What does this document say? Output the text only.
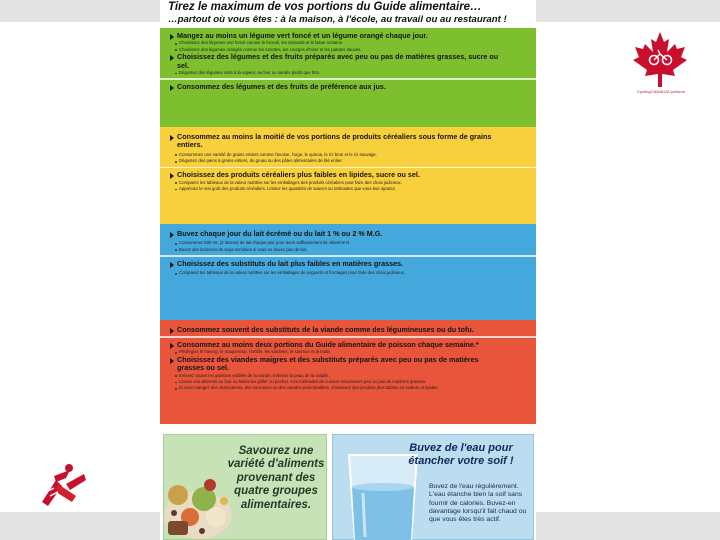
CyclingCANADACyclisme
Tirez le maximum de vos portions du Guide alimentaire…
…partout où vous êtes : à la maison, à l'école, au travail ou au restaurant !
Mangez au moins un légume vert foncé et un légume orangé chaque jour.
Choisissez des légumes vert foncé comme le brocoli, les épinards et la laitue romaine.
Choisissez des légumes orangés comme les carottes, les courges d'hiver et les patates douces.
Choisissez des légumes et des fruits préparés avec peu ou pas de matières grasses, sucre ou sel.
Dégustez des légumes cuits à la vapeur, au four ou sautés plutôt que frits.
Consommez des légumes et des fruits de préférence aux jus.
Consommez au moins la moitié de vos portions de produits céréaliers sous forme de grains entiers.
Consommez une variété de grains entiers comme l'avoine, l'orge, le quinoa, le riz brun et le riz sauvage.
Dégustez des pains à grains entiers, du gruau ou des pâtes alimentaires de blé entier.
Choisissez des produits céréaliers plus faibles en lipides, sucre ou sel.
Comparez les tableaux de la valeur nutritive sur les emballages des produits céréaliers pour faire des choix judicieux.
Appréciez le vrai goût des produits céréaliers. Limitez les quantités de sauces ou tartinades que vous leur ajoutez.
Buvez chaque jour du lait écrémé ou du lait 1 % ou 2 % M.G.
Consommez 500 mL (2 tasses) de lait chaque jour pour avoir suffisamment de vitamine D.
Buvez des boissons de soya enrichies si vous ne buvez pas de lait.
Choisissez des substituts du lait plus faibles en matières grasses.
Comparez les tableaux de la valeur nutritive sur les emballages de yogourts et fromages pour faire des choix judicieux.
Consommez souvent des substituts de la viande comme des légumineuses ou du tofu.
Consommez au moins deux portions du Guide alimentaire de poisson chaque semaine.*
Privilégiez le hareng, le maquereau, l'omble, les sardines, le saumon et la truite.
Choisissez des viandes maigres et des substituts préparés avec peu ou pas de matières grasses ou sel.
Enlevez toutes les graisses visibles de la viande. Enlevez la peau de la volaille.
Cuisez vos aliments au four ou faites-les griller ou pocher. Ces méthodes de cuisson nécessitent peu ou pas de matières grasses.
Si vous mangez des charcuteries, des saucisses ou des viandes préemballées, choisissez des produits plus faibles en sodium et lipides.
Savourez une variété d'aliments provenant des quatre groupes alimentaires.
Buvez de l'eau pour étancher votre soif !
Buvez de l'eau régulièrement. L'eau étanche bien la soif sans fournir de calories. Buvez-en davantage lorsqu'il fait chaud ou que vous êtes très actif.
